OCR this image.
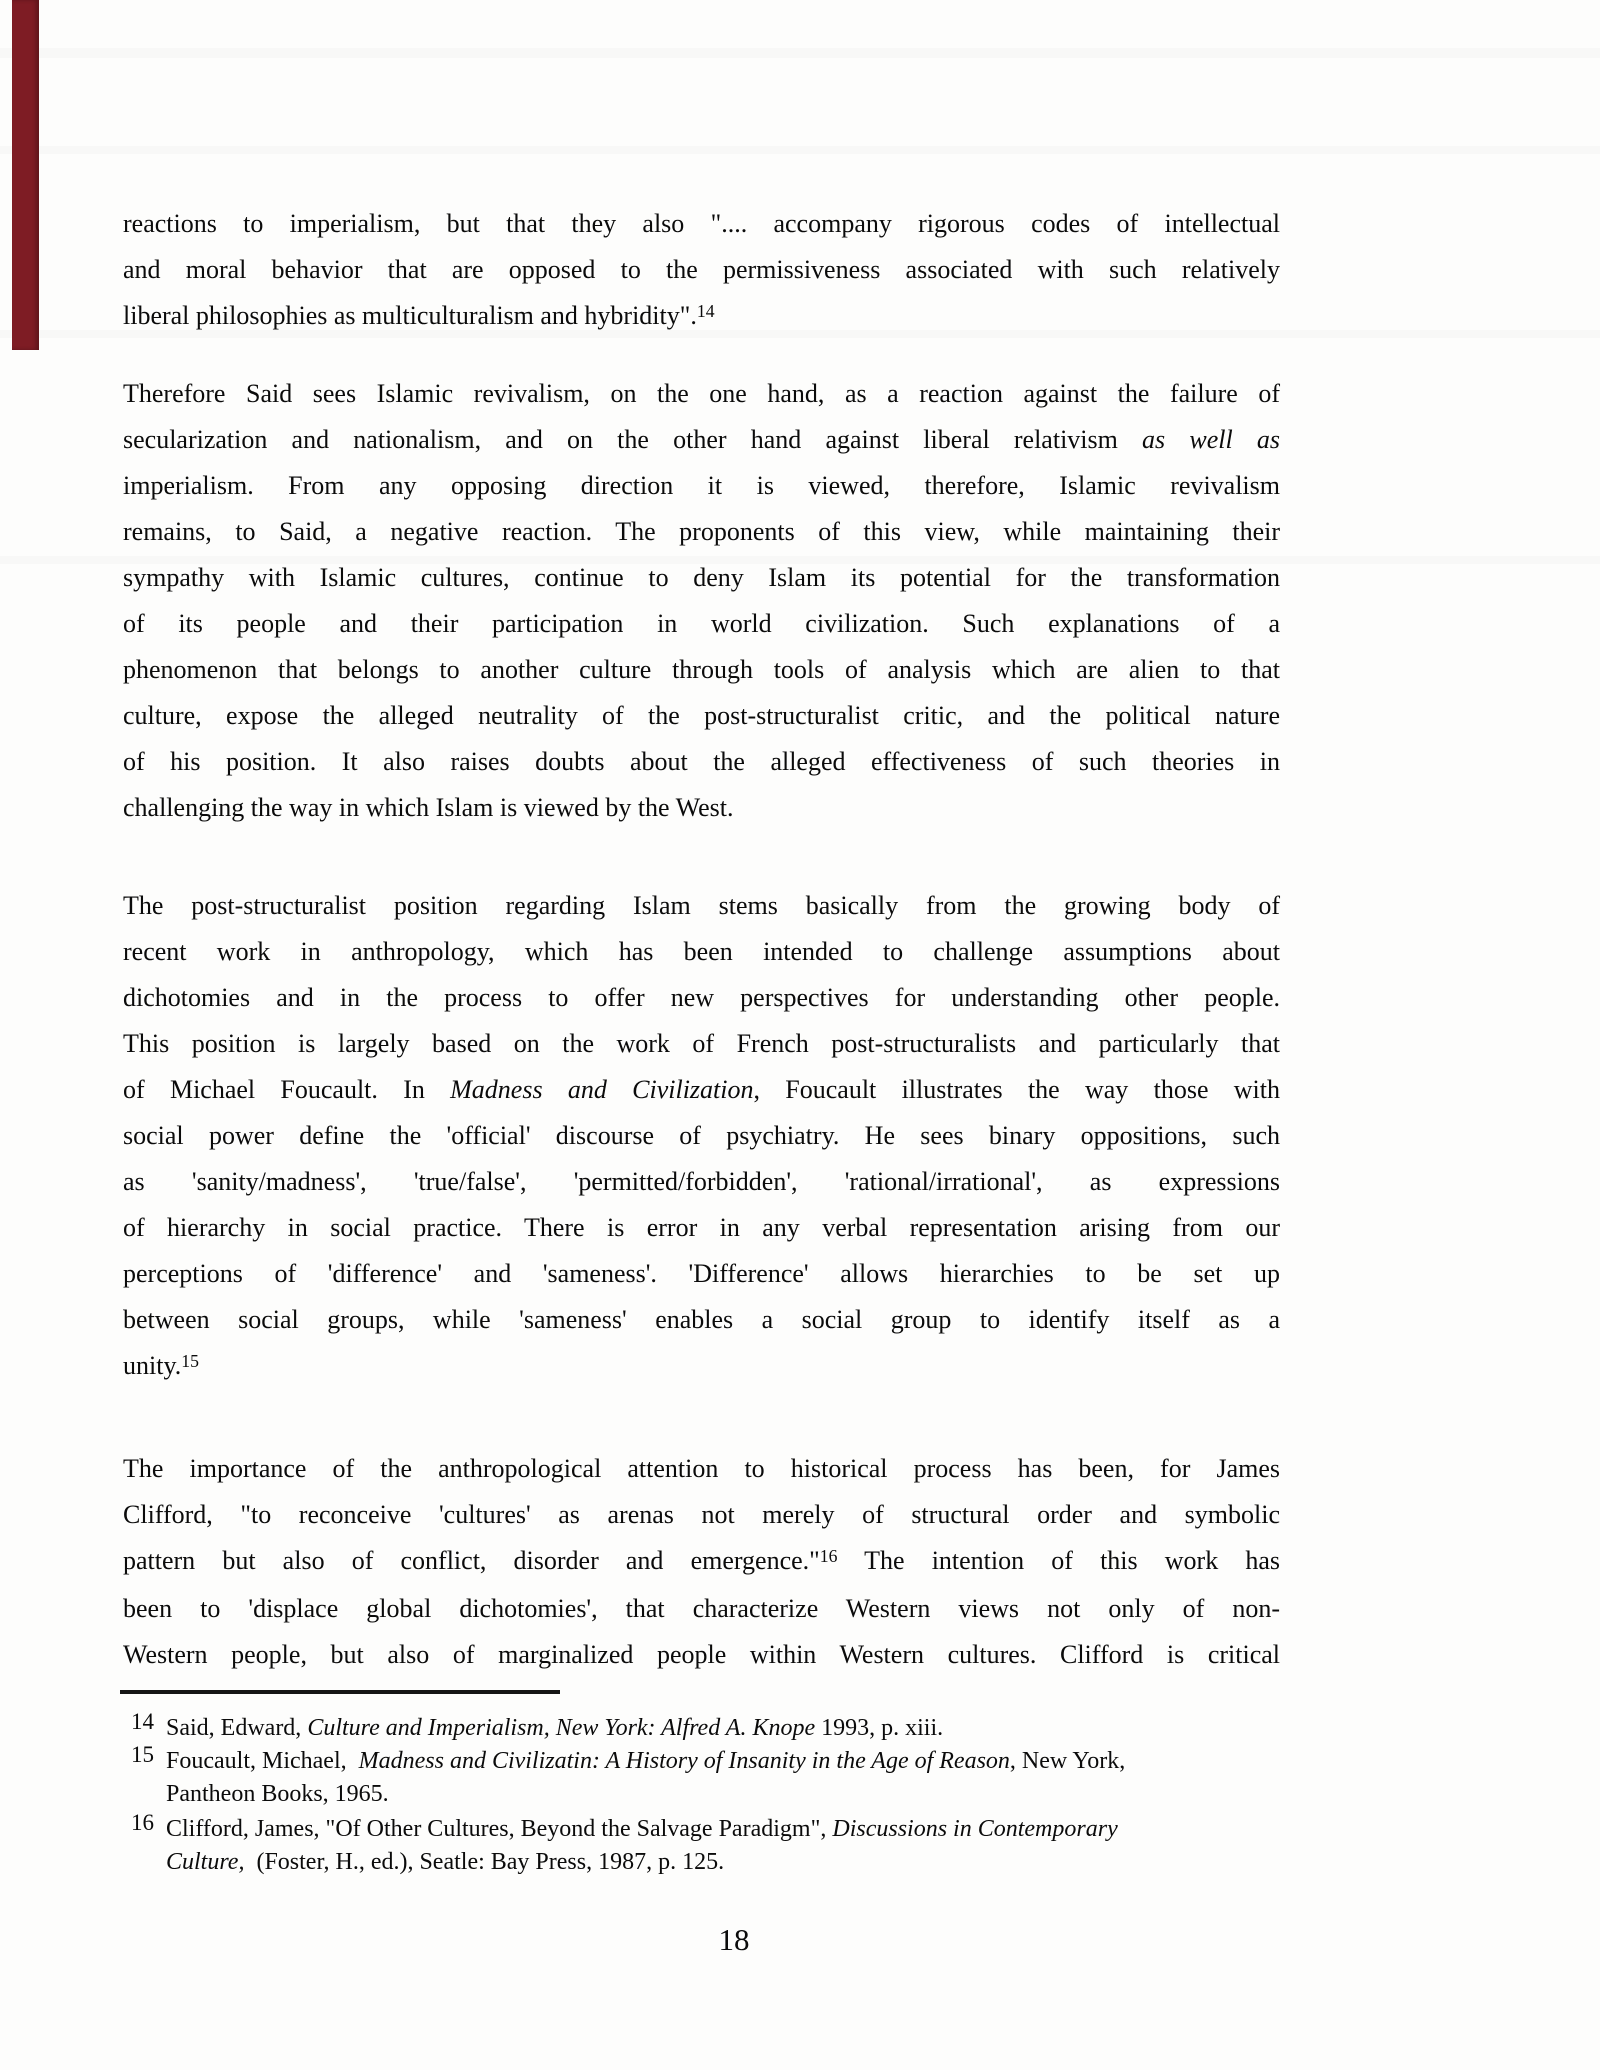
reactions to imperialism, but that they also ".... accompany rigorous codes of intellectual
and moral behavior that are opposed to the permissiveness associated with such relatively
liberal philosophies as multiculturalism and hybridity".$^{14}$
Therefore Said sees Islamic revivalism, on the one hand, as a reaction against the failure of
secularization and nationalism, and on the other hand against liberal relativism as well as
imperialism. From any opposing direction it is viewed, therefore, Islamic revivalism
remains, to Said, a negative reaction. The proponents of this view, while maintaining their
sympathy with Islamic cultures, continue to deny Islam its potential for the transformation
of its people and their participation in world civilization. Such explanations of a
phenomenon that belongs to another culture through tools of analysis which are alien to that
culture, expose the alleged neutrality of the post-structuralist critic, and the political nature
of his position. It also raises doubts about the alleged effectiveness of such theories in
challenging the way in which Islam is viewed by the West.
The post-structuralist position regarding Islam stems basically from the growing body of
recent work in anthropology, which has been intended to challenge assumptions about
dichotomies and in the process to offer new perspectives for understanding other people.
This position is largely based on the work of French post-structuralists and particularly that
of Michael Foucault. In Madness and Civilization, Foucault illustrates the way those with
social power define the 'official' discourse of psychiatry. He sees binary oppositions, such
as 'sanity/madness', 'true/false', 'permitted/forbidden', 'rational/irrational', as expressions
of hierarchy in social practice. There is error in any verbal representation arising from our
perceptions of 'difference' and 'sameness'. 'Difference' allows hierarchies to be set up
between social groups, while 'sameness' enables a social group to identify itself as a
unity.$^{15}$
The importance of the anthropological attention to historical process has been, for James
Clifford, "to reconceive 'cultures' as arenas not merely of structural order and symbolic
pattern but also of conflict, disorder and emergence."$^{16}$ The intention of this work has
been to 'displace global dichotomies', that characterize Western views not only of non-
Western people, but also of marginalized people within Western cultures. Clifford is critical
14 Said, Edward, Culture and Imperialism, New York: Alfred A. Knope 1993, p. xiii.
15 Foucault, Michael,  Madness and Civilizatin: A History of Insanity in the Age of Reason, New York,
Pantheon Books, 1965.
16 Clifford, James, "Of Other Cultures, Beyond the Salvage Paradigm", Discussions in Contemporary
Culture,  (Foster, H., ed.), Seatle: Bay Press, 1987, p. 125.
18
